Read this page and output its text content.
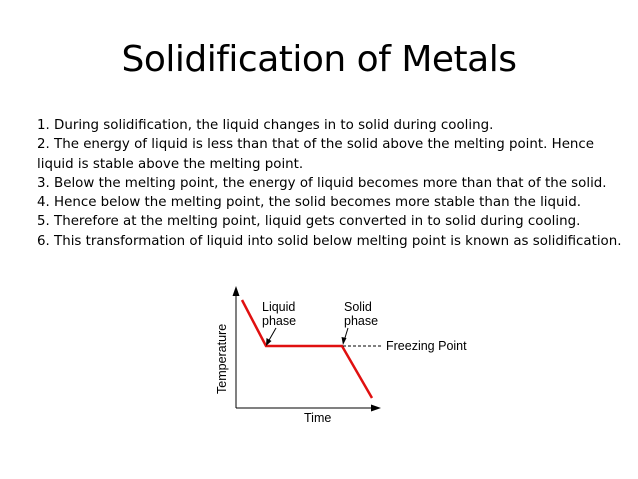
Solidification of Metals

1. During solidification, the liquid changes in to solid during cooling.

2. The energy of liquid is less than that of the solid above the melting point. Hence liquid is stable above the melting point.

3. Below the melting point, the energy of liquid becomes more than that of the solid.

4. Hence below the melting point, the solid becomes more stable than the liquid.

5. Therefore at the melting point, liquid gets converted in to solid during cooling.

6. This transformation of liquid into solid below melting point is known as solidification.

Liquid
phase
Solid
phase
Freezing Point
Time
Temperature
